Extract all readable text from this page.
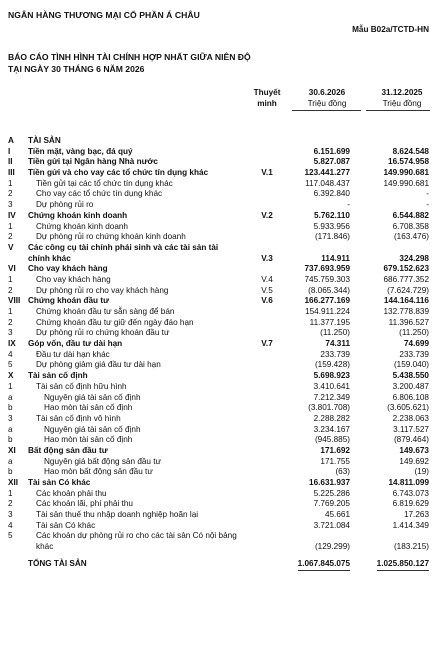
NGÂN HÀNG THƯƠNG MẠI CỔ PHẦN Á CHÂU
Mẫu B02a/TCTD-HN
BÁO CÁO TÌNH HÌNH TÀI CHÍNH HỢP NHẤT GIỮA NIÊN ĐỘ
TẠI NGÀY 30 THÁNG 6 NĂM 2026
Thuyết
minh
30.6.2026
Triệu đồng
31.12.2025
Triệu đồng
A TÀI SẢN
I Tiền mặt, vàng bạc, đá quý	6.151.699	8.624.548
II Tiền gửi tại Ngân hàng Nhà nước	5.827.087	16.574.958
III Tiền gửi và cho vay các tổ chức tín dụng khác	V.1	123.441.277	149.990.681
1	Tiền gửi tại các tổ chức tín dụng khác	117.048.437	149.990.681
2	Cho vay các tổ chức tín dụng khác	6.392.840	-
3	Dự phòng rủi ro	-	-
IV Chứng khoán kinh doanh	V.2	5.762.110	6.544.882
1	Chứng khoán kinh doanh	5.933.956	6.708.358
2	Dự phòng rủi ro chứng khoán kinh doanh	(171.846)	(163.476)
V Các công cụ tài chính phái sinh và các tài sản tài chính khác	V.3	114.911	324.298
VI Cho vay khách hàng	737.693.959	679.152.623
1	Cho vay khách hàng	V.4	745.759.303	686.777.352
2	Dự phòng rủi ro cho vay khách hàng	V.5	(8.065.344)	(7.624.729)
VIII Chứng khoán đầu tư	V.6	166.277.169	144.164.116
1	Chứng khoán đầu tư sẵn sàng để bán	154.911.224	132.778.839
2	Chứng khoán đầu tư giữ đến ngày đáo hạn	11.377.195	11.396.527
3	Dự phòng rủi ro chứng khoán đầu tư	(11.250)	(11.250)
IX Góp vốn, đầu tư dài hạn	V.7	74.311	74.699
4	Đầu tư dài hạn khác	233.739	233.739
5	Dự phòng giảm giá đầu tư dài hạn	(159.428)	(159.040)
X Tài sản cố định	5.698.923	5.438.550
1	Tài sản cố định hữu hình	3.410.641	3.200.487
a	Nguyên giá tài sản cố định	7.212.349	6.806.108
b	Hao mòn tài sản cố định	(3.801.708)	(3.605.621)
3	Tài sản cố định vô hình	2.288.282	2.238.063
a	Nguyên giá tài sản cố định	3.234.167	3.117.527
b	Hao mòn tài sản cố định	(945.885)	(879.464)
XI Bất động sản đầu tư	171.692	149.673
a	Nguyên giá bất động sản đầu tư	171.755	149.692
b	Hao mòn bất động sản đầu tư	(63)	(19)
XII Tài sản Có khác	16.631.937	14.811.099
1	Các khoản phải thu	5.225.286	6.743.073
2	Các khoản lãi, phí phải thu	7.769.205	6.819.629
3	Tài sản thuế thu nhập doanh nghiệp hoãn lại	45.661	17.263
4	Tài sản Có khác	3.721.084	1.414.349
5	Các khoản dự phòng rủi ro cho các tài sản Có nội bảng khác	(129.299)	(183.215)
TỔNG TÀI SẢN	1.067.845.075	1.025.850.127
